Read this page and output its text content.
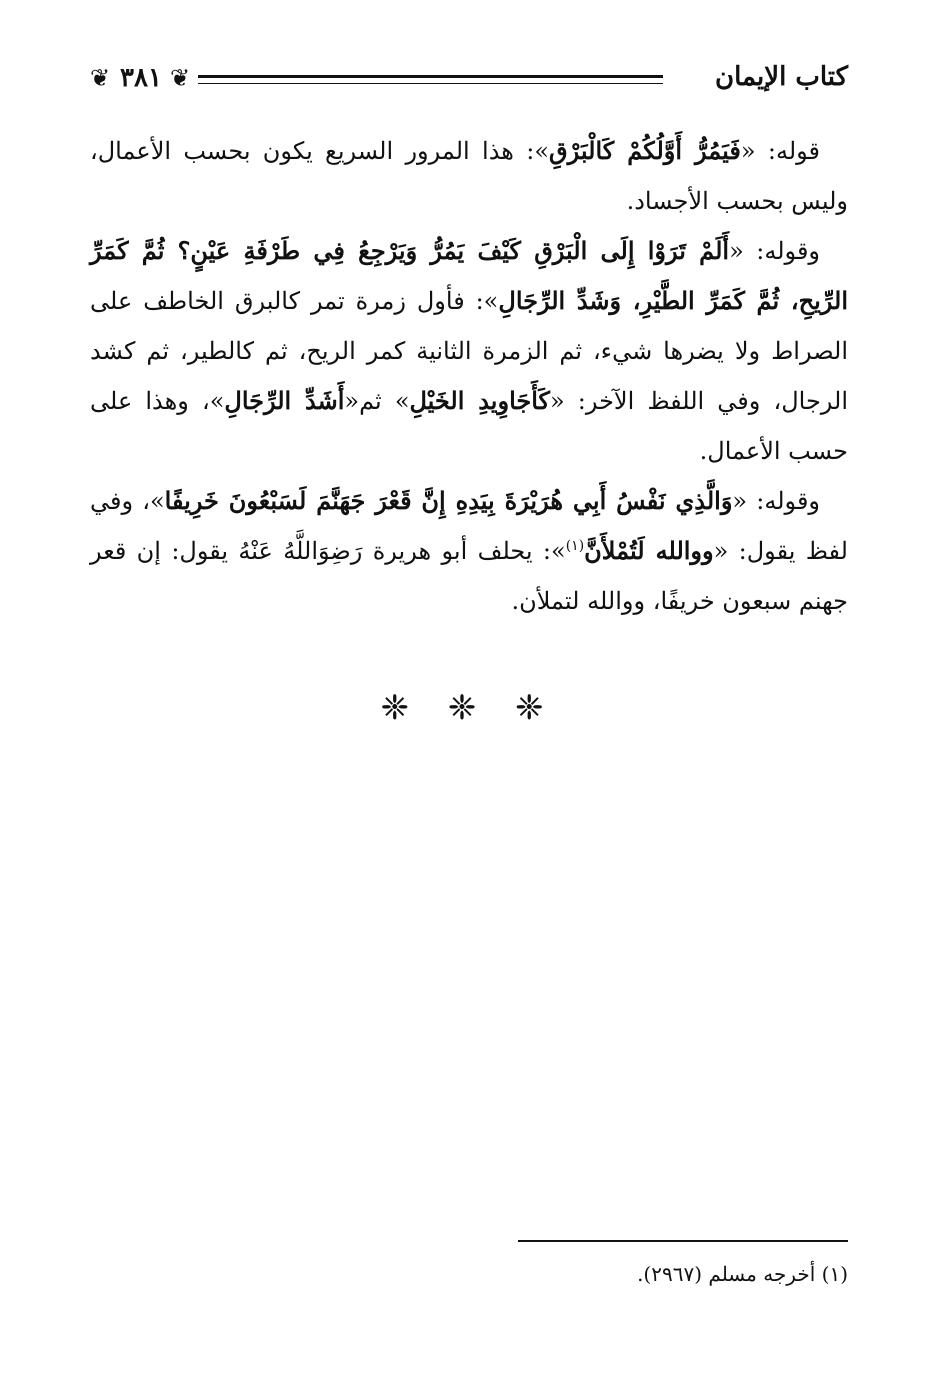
كتاب الإيمان
❦ ٣٨١ ❦

قوله: «فَيَمُرُّ أَوَّلُكُمْ كَالْبَرْقِ»: هذا المرور السريع يكون بحسب الأعمال، وليس بحسب الأجساد.

وقوله: «أَلَمْ تَرَوْا إِلَى الْبَرْقِ كَيْفَ يَمُرُّ وَيَرْجِعُ فِي طَرْفَةِ عَيْنٍ؟ ثُمَّ كَمَرِّ الرِّيحِ، ثُمَّ كَمَرِّ الطَّيْرِ، وَشَدِّ الرِّجَالِ»: فأول زمرة تمر كالبرق الخاطف على الصراط ولا يضرها شيء، ثم الزمرة الثانية كمر الريح، ثم كالطير، ثم كشد الرجال، وفي اللفظ الآخر: «كَأَجَاوِيدِ الخَيْلِ» ثم«أَشَدِّ الرِّجَالِ»، وهذا على حسب الأعمال.

وقوله: «وَالَّذِي نَفْسُ أَبِي هُرَيْرَةَ بِيَدِهِ إِنَّ قَعْرَ جَهَنَّمَ لَسَبْعُونَ خَرِيفًا»، وفي لفظ يقول: «ووالله لَتُمْلأَنَّ$^{(١)}$»: يحلف أبو هريرة رَضِوَاللَّهُ عَنْهُ يقول: إن قعر جهنم سبعون خريفًا، ووالله لتملأن.

❈ ❈ ❈
(١) أخرجه مسلم (٢٩٦٧).
